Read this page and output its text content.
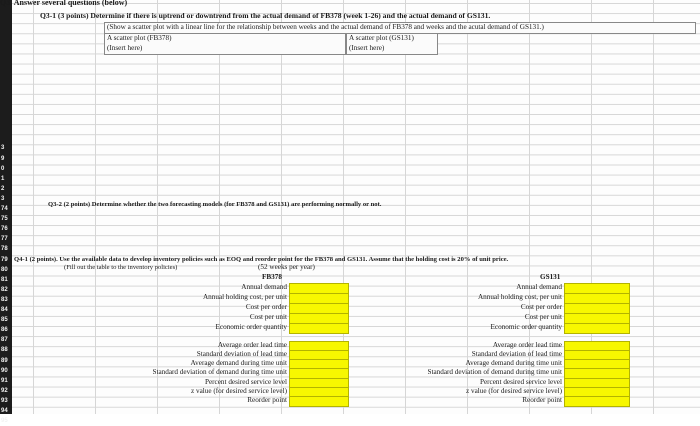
3
9
0
1
2
3
74
75
76
77
78
79
80
81
82
83
84
85
86
87
88
89
90
91
92
93
94
95
Q3. Answer several questions (below)
Q3-1 (3 points) Determine if there is uptrend or downtrend from the actual demand of FB378 (week 1-26) and the actual demand of GS131.
(Show a scatter plot with a linear line for the relationship between weeks and the actual demand of FB378 and weeks and the acutal demand of GS131.)
A scatter plot (FB378)
(Insert here)
A scatter plot (GS131)
(Insert here)
Q3-2 (2 points) Determine whether the two forecasting models (for FB378 and GS131) are performing normally or not.
Q4-1 (2 points). Use the available data to develop inventory policies such as EOQ and reorder point for the FB378 and GS131. Assume that the holding cost is 20% of unit price.
(Fill out the table to the inventory policies)	(52 weeks per year)
FB378	GS131
Annual demand
Annual holding cost, per unit
Cost per order
Cost per unit
Economic order quantity
Annual demand
Annual holding cost, per unit
Cost per order
Cost per unit
Economic order quantity
Average order lead time
Standard deviation of lead time
Average demand during time unit
Standard deviation of demand during time unit
Percent desired service level
z value (for desired service level)
Reorder point
Average order lead time
Standard deviation of lead time
Average demand during time unit
Standard deviation of demand during time unit
Percent desired service level
z value (for desired service level)
Reorder point
